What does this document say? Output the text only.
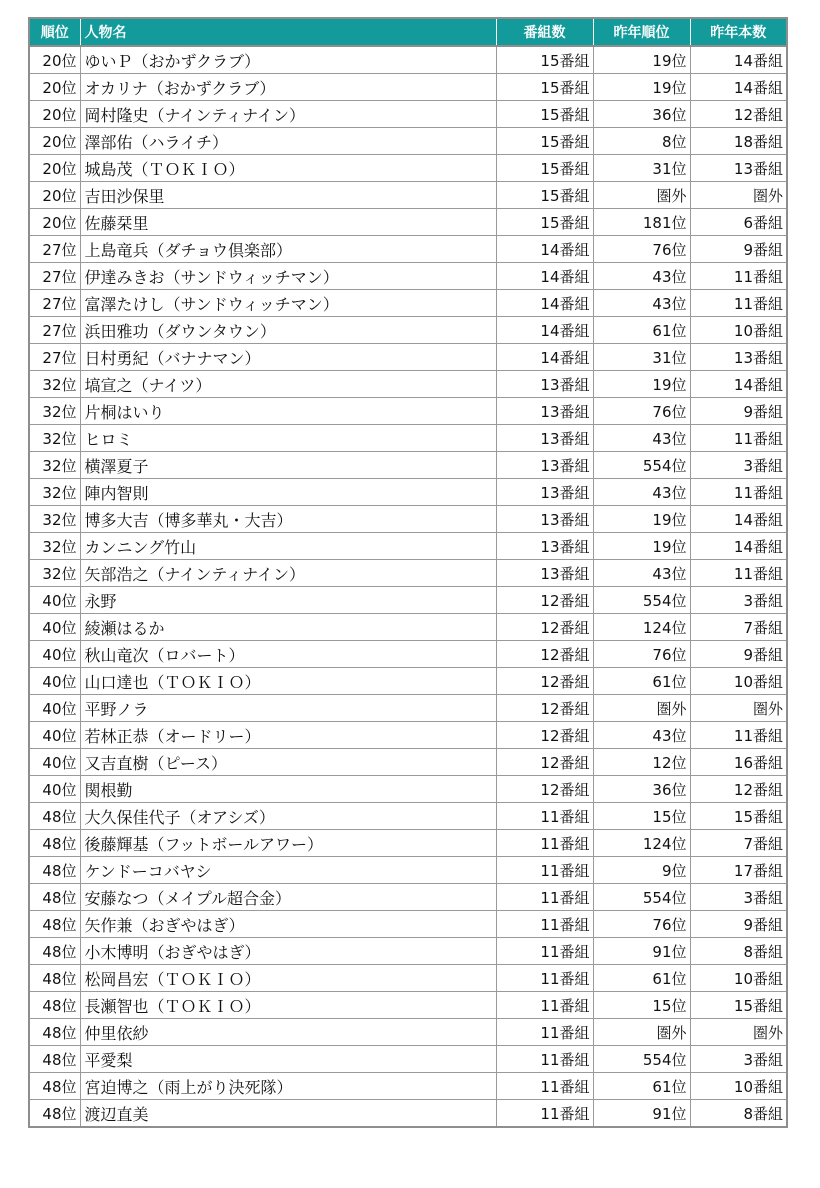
順位	人物名	番組数	昨年順位	昨年本数
20位	ゆいＰ（おかずクラブ）	15番組	19位	14番組
20位	オカリナ（おかずクラブ）	15番組	19位	14番組
20位	岡村隆史（ナインティナイン）	15番組	36位	12番組
20位	澤部佑（ハライチ）	15番組	8位	18番組
20位	城島茂（ＴＯＫＩＯ）	15番組	31位	13番組
20位	吉田沙保里	15番組	圏外	圏外
20位	佐藤栞里	15番組	181位	6番組
27位	上島竜兵（ダチョウ倶楽部）	14番組	76位	9番組
27位	伊達みきお（サンドウィッチマン）	14番組	43位	11番組
27位	富澤たけし（サンドウィッチマン）	14番組	43位	11番組
27位	浜田雅功（ダウンタウン）	14番組	61位	10番組
27位	日村勇紀（バナナマン）	14番組	31位	13番組
32位	塙宣之（ナイツ）	13番組	19位	14番組
32位	片桐はいり	13番組	76位	9番組
32位	ヒロミ	13番組	43位	11番組
32位	横澤夏子	13番組	554位	3番組
32位	陣内智則	13番組	43位	11番組
32位	博多大吉（博多華丸・大吉）	13番組	19位	14番組
32位	カンニング竹山	13番組	19位	14番組
32位	矢部浩之（ナインティナイン）	13番組	43位	11番組
40位	永野	12番組	554位	3番組
40位	綾瀬はるか	12番組	124位	7番組
40位	秋山竜次（ロバート）	12番組	76位	9番組
40位	山口達也（ＴＯＫＩＯ）	12番組	61位	10番組
40位	平野ノラ	12番組	圏外	圏外
40位	若林正恭（オードリー）	12番組	43位	11番組
40位	又吉直樹（ピース）	12番組	12位	16番組
40位	関根勤	12番組	36位	12番組
48位	大久保佳代子（オアシズ）	11番組	15位	15番組
48位	後藤輝基（フットボールアワー）	11番組	124位	7番組
48位	ケンドーコバヤシ	11番組	9位	17番組
48位	安藤なつ（メイプル超合金）	11番組	554位	3番組
48位	矢作兼（おぎやはぎ）	11番組	76位	9番組
48位	小木博明（おぎやはぎ）	11番組	91位	8番組
48位	松岡昌宏（ＴＯＫＩＯ）	11番組	61位	10番組
48位	長瀬智也（ＴＯＫＩＯ）	11番組	15位	15番組
48位	仲里依紗	11番組	圏外	圏外
48位	平愛梨	11番組	554位	3番組
48位	宮迫博之（雨上がり決死隊）	11番組	61位	10番組
48位	渡辺直美	11番組	91位	8番組
